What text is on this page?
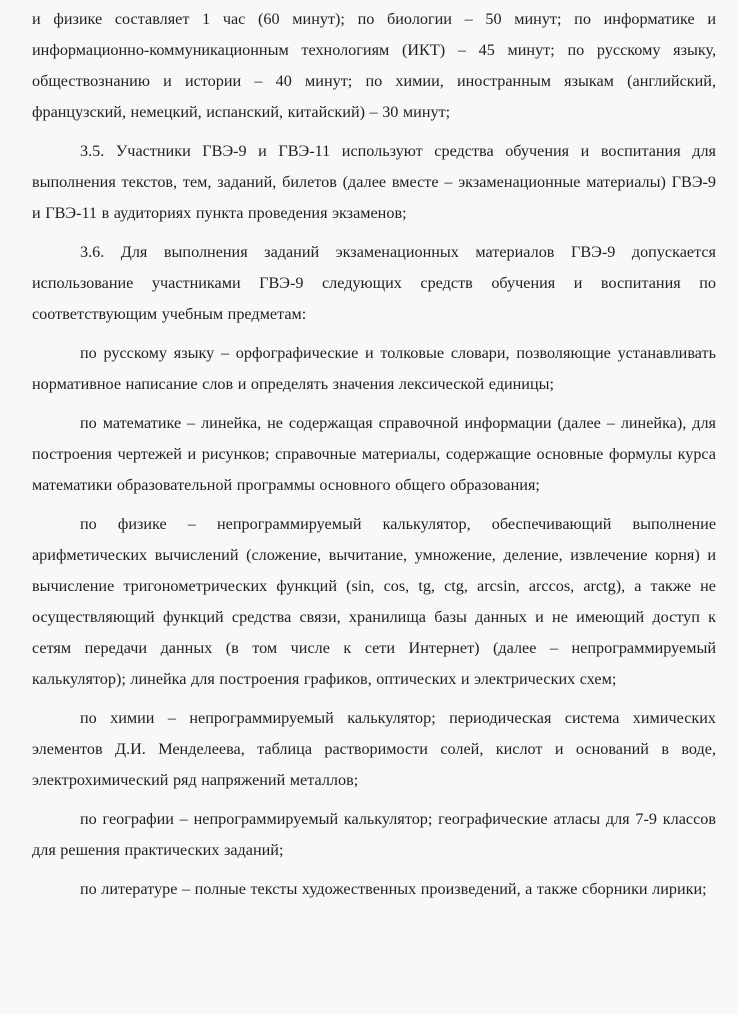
и физике составляет 1 час (60 минут); по биологии – 50 минут; по информатике и информационно-коммуникационным технологиям (ИКТ) – 45 минут; по русскому языку, обществознанию и истории – 40 минут; по химии, иностранным языкам (английский, французский, немецкий, испанский, китайский) – 30 минут;

3.5. Участники ГВЭ-9 и ГВЭ-11 используют средства обучения и воспитания для выполнения текстов, тем, заданий, билетов (далее вместе – экзаменационные материалы) ГВЭ-9 и ГВЭ-11 в аудиториях пункта проведения экзаменов;

3.6. Для выполнения заданий экзаменационных материалов ГВЭ-9 допускается использование участниками ГВЭ-9 следующих средств обучения и воспитания по соответствующим учебным предметам:

по русскому языку – орфографические и толковые словари, позволяющие устанавливать нормативное написание слов и определять значения лексической единицы;

по математике – линейка, не содержащая справочной информации (далее – линейка), для построения чертежей и рисунков; справочные материалы, содержащие основные формулы курса математики образовательной программы основного общего образования;

по физике – непрограммируемый калькулятор, обеспечивающий выполнение арифметических вычислений (сложение, вычитание, умножение, деление, извлечение корня) и вычисление тригонометрических функций (sin, cos, tg, ctg, arcsin, arccos, arctg), а также не осуществляющий функций средства связи, хранилища базы данных и не имеющий доступ к сетям передачи данных (в том числе к сети Интернет) (далее – непрограммируемый калькулятор); линейка для построения графиков, оптических и электрических схем;

по химии – непрограммируемый калькулятор; периодическая система химических элементов Д.И. Менделеева, таблица растворимости солей, кислот и оснований в воде, электрохимический ряд напряжений металлов;

по географии – непрограммируемый калькулятор; географические атласы для 7-9 классов для решения практических заданий;

по литературе – полные тексты художественных произведений, а также сборники лирики;
